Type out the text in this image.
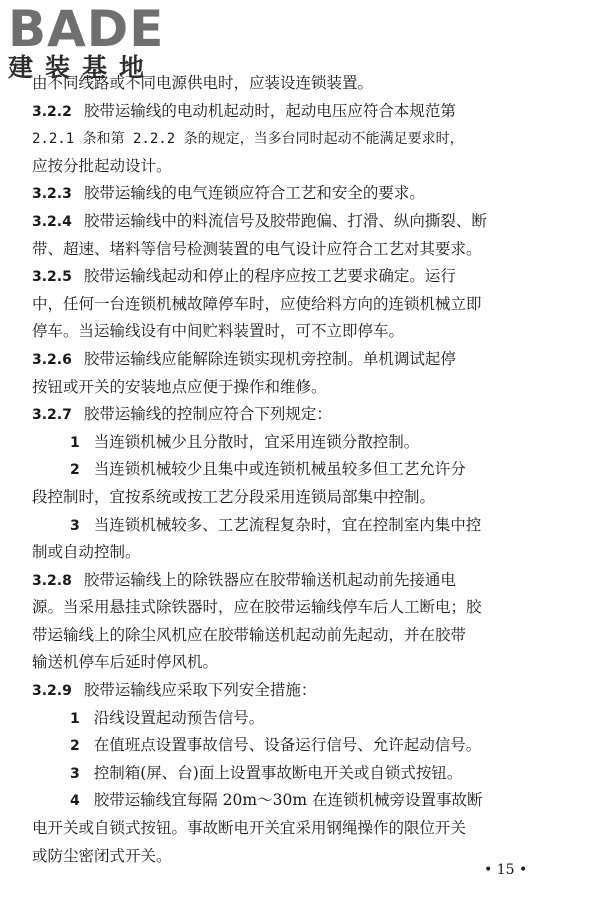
BADE
建装基地
由不同线路或不同电源供电时，应装设连锁装置。
3.2.2 胶带运输线的电动机起动时，起动电压应符合本规范第
2.2.1 条和第 2.2.2 条的规定，当多台同时起动不能满足要求时，
应按分批起动设计。
3.2.3 胶带运输线的电气连锁应符合工艺和安全的要求。
3.2.4 胶带运输线中的料流信号及胶带跑偏、打滑、纵向撕裂、断
带、超速、堵料等信号检测装置的电气设计应符合工艺对其要求。
3.2.5 胶带运输线起动和停止的程序应按工艺要求确定。运行
中，任何一台连锁机械故障停车时，应使给料方向的连锁机械立即
停车。当运输线设有中间贮料装置时，可不立即停车。
3.2.6 胶带运输线应能解除连锁实现机旁控制。单机调试起停
按钮或开关的安装地点应便于操作和维修。
3.2.7 胶带运输线的控制应符合下列规定：
1 当连锁机械少且分散时，宜采用连锁分散控制。
2 当连锁机械较少且集中或连锁机械虽较多但工艺允许分
段控制时，宜按系统或按工艺分段采用连锁局部集中控制。
3 当连锁机械较多、工艺流程复杂时，宜在控制室内集中控
制或自动控制。
3.2.8 胶带运输线上的除铁器应在胶带输送机起动前先接通电
源。当采用悬挂式除铁器时，应在胶带运输线停车后人工断电；胶
带运输线上的除尘风机应在胶带输送机起动前先起动，并在胶带
输送机停车后延时停风机。
3.2.9 胶带运输线应采取下列安全措施：
1 沿线设置起动预告信号。
2 在值班点设置事故信号、设备运行信号、允许起动信号。
3 控制箱(屏、台)面上设置事故断电开关或自锁式按钮。
4 胶带运输线宜每隔 20m～30m 在连锁机械旁设置事故断
电开关或自锁式按钮。事故断电开关宜采用钢绳操作的限位开关
或防尘密闭式开关。
• 15 •
